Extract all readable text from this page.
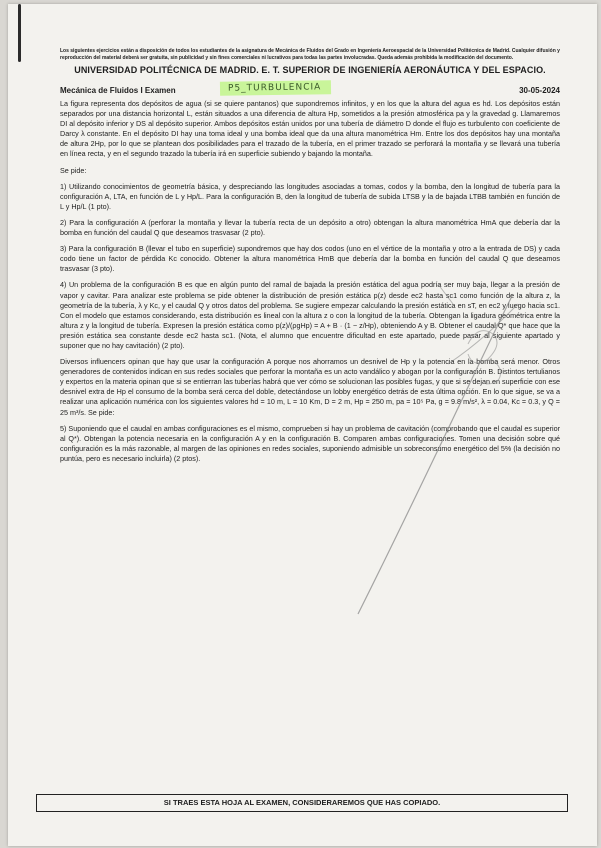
Los siguientes ejercicios están a disposición de todos los estudiantes de la asignatura de Mecánica de Fluidos del Grado en Ingeniería Aeroespacial de la Universidad Politécnica de Madrid. Cualquier difusión y reproducción del material deberá ser gratuita, sin publicidad y sin fines comerciales ni lucrativos para todas las partes involucradas. Queda además prohibida la modificación del documento.

UNIVERSIDAD POLITÉCNICA DE MADRID. E. T. SUPERIOR DE INGENIERÍA AERONÁUTICA Y DEL ESPACIO.
Mecánica de Fluidos I Examen	P5_TURBULENCIA	30-05-2024

La figura representa dos depósitos de agua (si se quiere pantanos) que supondremos infinitos, y en los que la altura del agua es hd. Los depósitos están separados por una distancia horizontal L, están situados a una diferencia de altura Hp, sometidos a la presión atmosférica pa y la gravedad g. Llamaremos DI al depósito inferior y DS al depósito superior. Ambos depósitos están unidos por una tubería de diámetro D donde el flujo es turbulento con coeficiente de Darcy λ constante. En el depósito DI hay una toma ideal y una bomba ideal que da una altura manométrica Hm. Entre los dos depósitos hay una montaña de altura 2Hp, por lo que se plantean dos posibilidades para el trazado de la tubería, en el primer trazado se perforará la montaña y se llevará una tubería en línea recta, y en el segundo trazado la tubería irá en superficie subiendo y bajando la montaña.

Se pide:

1) Utilizando conocimientos de geometría básica, y despreciando las longitudes asociadas a tomas, codos y la bomba, den la longitud de tubería para la configuración A, LTA, en función de L y Hp/L. Para la configuración B, den la longitud de tubería de subida LTSB y la de bajada LTBB también en función de L y Hp/L (1 pto).

2) Para la configuración A (perforar la montaña y llevar la tubería recta de un depósito a otro) obtengan la altura manométrica HmA que debería dar la bomba en función del caudal Q que deseamos trasvasar (2 pto).

3) Para la configuración B (llevar el tubo en superficie) supondremos que hay dos codos (uno en el vértice de la montaña y otro a la entrada de DS) y cada codo tiene un factor de pérdida Kc conocido. Obtener la altura manométrica HmB que debería dar la bomba en función del caudal Q que deseamos trasvasar (3 pto).

4) Un problema de la configuración B es que en algún punto del ramal de bajada la presión estática del agua podría ser muy baja, llegar a la presión de vapor y cavitar. Para analizar este problema se pide obtener la distribución de presión estática p(z) desde ec2 hasta sc1 como función de la altura z, la geometría de la tubería, λ y Kc, y el caudal Q y otros datos del problema. Se sugiere empezar calculando la presión estática en sT, en ec2 y luego hacia sc1. Con el modelo que estamos considerando, esta distribución es lineal con la altura z o con la longitud de la tubería. Obtengan la ligadura geométrica entre la altura z y la longitud de tubería. Expresen la presión estática como p(z)/(ρgHp) = A + B · (1 − z/Hp), obteniendo A y B. Obtener el caudal Q* que hace que la presión estática sea constante desde ec2 hasta sc1. (Nota, el alumno que encuentre dificultad en este apartado, puede pasar al siguiente apartado y suponer que no hay cavitación) (2 pto).

Diversos influencers opinan que hay que usar la configuración A porque nos ahorramos un desnivel de Hp y la potencia en la bomba será menor. Otros generadores de contenidos indican en sus redes sociales que perforar la montaña es un acto vandálico y abogan por la configuración B. Distintos tertulianos y expertos en la materia opinan que si se entierran las tuberías habrá que ver cómo se solucionan las posibles fugas, y que si se dejan en superficie con ese desnivel extra de Hp el consumo de la bomba será cerca del doble, detectándose un lobby energético detrás de esta última opción. En lo que sigue, se va a realizar una aplicación numérica con los siguientes valores hd = 10 m, L = 10 Km, D = 2 m, Hp = 250 m, pa = 10⁵ Pa, g = 9.8 m/s², λ = 0.04, Kc = 0.3, y Q = 25 m³/s. Se pide:

5) Suponiendo que el caudal en ambas configuraciones es el mismo, comprueben si hay un problema de cavitación (comprobando que el caudal es superior al Q*). Obtengan la potencia necesaria en la configuración A y en la configuración B. Comparen ambas configuraciones. Tomen una decisión sobre qué configuración es la más razonable, al margen de las opiniones en redes sociales, suponiendo admisible un sobreconsumo energético del 5% (la decisión no puntúa, pero es necesario incluirla) (2 ptos).

SI TRAES ESTA HOJA AL EXAMEN, CONSIDERAREMOS QUE HAS COPIADO.
